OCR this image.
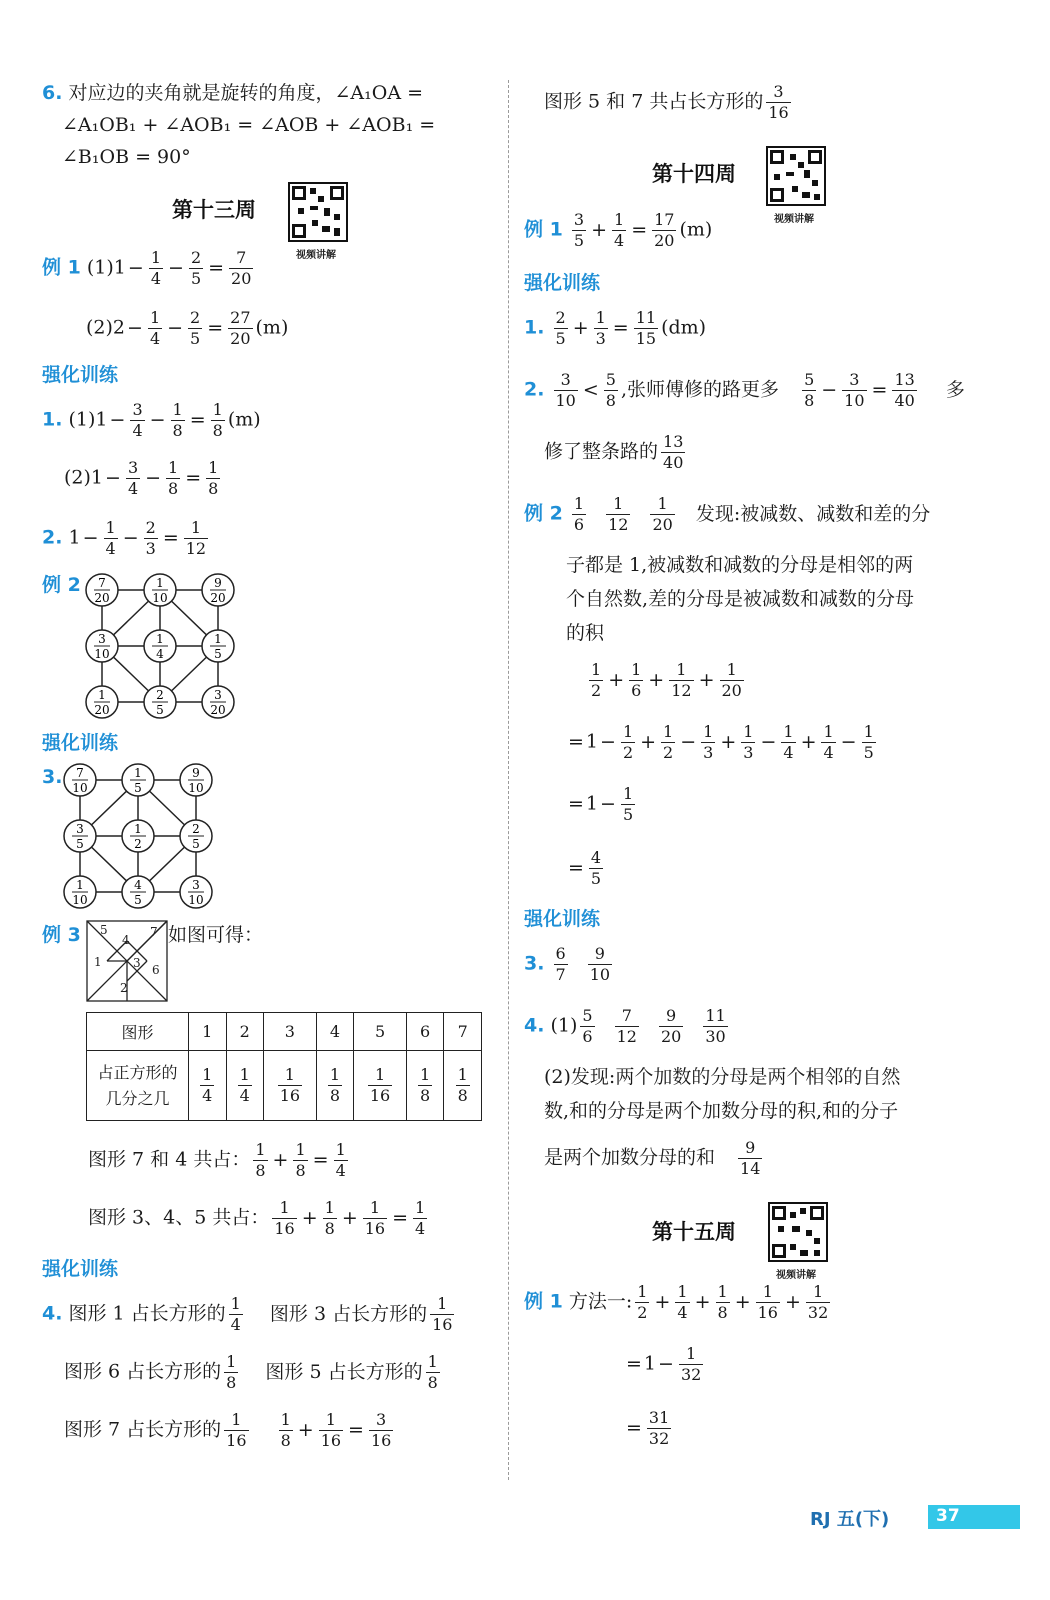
6. 对应边的夹角就是旋转的角度，∠A₁OA =
∠A₁OB₁ + ∠AOB₁ = ∠AOB + ∠AOB₁ =
∠B₁OB = 90°
第十三周
视频讲解
例 1 $(1)1 - \frac{1}{4} - \frac{2}{5} = \frac{7}{20}$
$(2)2 - \frac{1}{4} - \frac{2}{5} = \frac{27}{20} (m)$
强化训练
1. $(1)1 - \frac{3}{4} - \frac{1}{8} = \frac{1}{8} (m)$
$(2)1 - \frac{3}{4} - \frac{1}{8} = \frac{1}{8}$
2. $1 - \frac{1}{4} - \frac{2}{3} = \frac{1}{12}$
例 2 7
20
1
10
9
20
3
10
1
4
1
5
1
20
2
5
3
20
强化训练
3. 7
10
1
5
9
10
3
5
1
2
2
5
1
10
4
5
3
10
例 3 5
4
7
1	3 6
2
如图可得：
图形	1	2	3	4	5	6	7
占正方形的
几分之几	$\frac{1}{4}$	$\frac{1}{4}$	$\frac{1}{16}$	$\frac{1}{8}$	$\frac{1}{16}$	$\frac{1}{8}$	$\frac{1}{8}$
图形 7 和 4 共占： $\frac{1}{8} + \frac{1}{8} = \frac{1}{4}$
图形 3、4、5 共占： $\frac{1}{16} + \frac{1}{8} + \frac{1}{16} = \frac{1}{4}$
强化训练
4. 图形 1 占长方形的 $\frac{1}{4}$ 图形 3 占长方形的 $\frac{1}{16}$
图形 6 占长方形的 $\frac{1}{8}$ 图形 5 占长方形的 $\frac{1}{8}$
图形 7 占长方形的 $\frac{1}{16}$
$\frac{1}{8} + \frac{1}{16} = \frac{3}{16}$
图形 5 和 7 共占长方形的 $\frac{3}{16}$
第十四周
视频讲解
例 $1 \frac{3}{5} + \frac{1}{4} = \frac{17}{20} (m)$
强化训练
1. $\frac{2}{5} + \frac{1}{3} = \frac{11}{15} (dm)$
2. $\frac{3}{10} < \frac{5}{8}$ ,张师傅修的路更多 $\frac{5}{8} - \frac{3}{10} = \frac{13}{40}$ 多
修了整条路的 $\frac{13}{40}$
例 $2 \frac{1}{6} \frac{1}{12} \frac{1}{20}$ 发现:被减数、减数和差的分
子都是 1,被减数和减数的分母是相邻的两
个自然数,差的分母是被减数和减数的分母
的积
$\frac{1}{2} + \frac{1}{6} + \frac{1}{12} + \frac{1}{20}$
= $1 - \frac{1}{2} + \frac{1}{2} - \frac{1}{3} + \frac{1}{3} - \frac{1}{4} + \frac{1}{4} - \frac{1}{5}$
= $1 - \frac{1}{5}$
= $\frac{4}{5}$
强化训练
3. $\frac{6}{7} \frac{9}{10}$
4. $(1) \frac{5}{6} \frac{7}{12} \frac{9}{20} \frac{11}{30}$
(2)发现:两个加数的分母是两个相邻的自然
数,和的分母是两个加数分母的积,和的分子
是两个加数分母的和 $\frac{9}{14}$
第十五周
视频讲解
例 1 方法一: $\frac{1}{2} + \frac{1}{4} + \frac{1}{8} + \frac{1}{16} + \frac{1}{32}$
= $1 - \frac{1}{32}$
= $\frac{31}{32}$
RJ 五(下)	37
